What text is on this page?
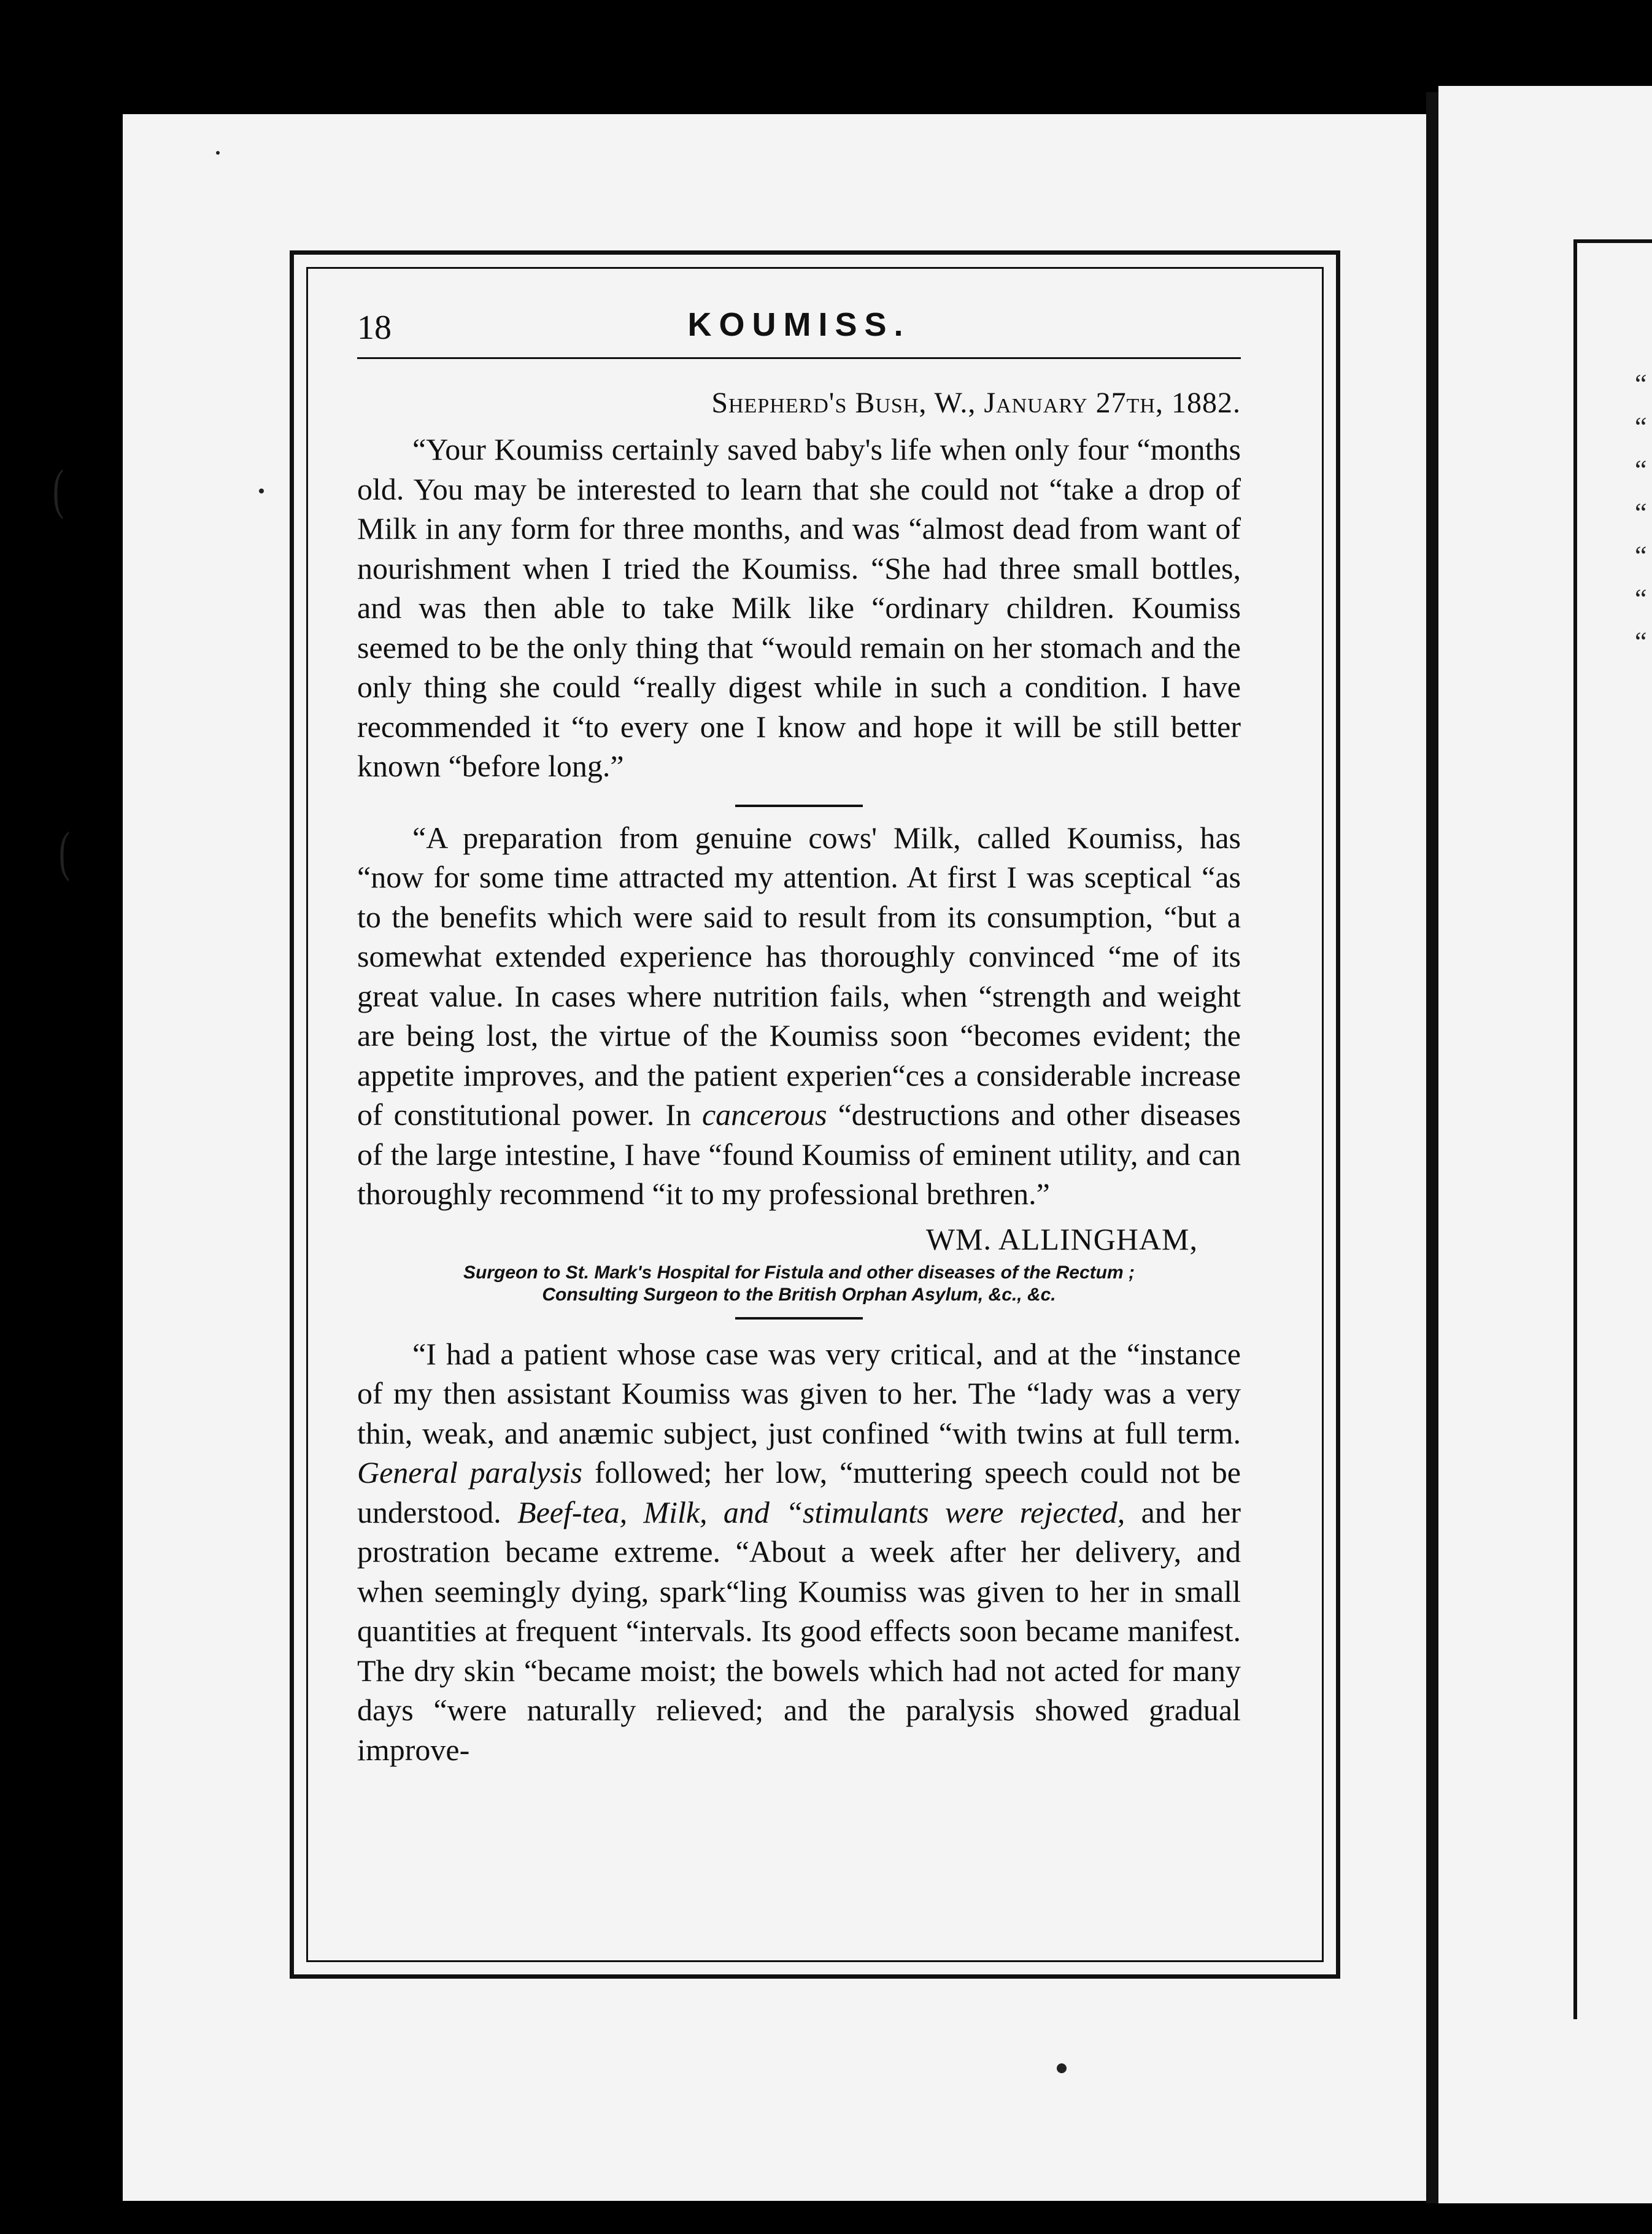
(
(
“
“
“
“
“
“
“
18	KOUMISS.
Shepherd's Bush, W., January 27th, 1882.

“Your Koumiss certainly saved baby's life when only four “months old. You may be interested to learn that she could not “take a drop of Milk in any form for three months, and was “almost dead from want of nourishment when I tried the Koumiss. “She had three small bottles, and was then able to take Milk like “ordinary children. Koumiss seemed to be the only thing that “would remain on her stomach and the only thing she could “really digest while in such a condition. I have recommended it “to every one I know and hope it will be still better known “before long.”

“A preparation from genuine cows' Milk, called Koumiss, has “now for some time attracted my attention. At first I was sceptical “as to the benefits which were said to result from its consumption, “but a somewhat extended experience has thoroughly convinced “me of its great value. In cases where nutrition fails, when “strength and weight are being lost, the virtue of the Koumiss soon “becomes evident; the appetite improves, and the patient experien“ces a considerable increase of constitutional power. In cancerous “destructions and other diseases of the large intestine, I have “found Koumiss of eminent utility, and can thoroughly recommend “it to my professional brethren.”

WM. ALLINGHAM,
Surgeon to St. Mark's Hospital for Fistula and other diseases of the Rectum ;
Consulting Surgeon to the British Orphan Asylum, &c., &c.

“I had a patient whose case was very critical, and at the “instance of my then assistant Koumiss was given to her. The “lady was a very thin, weak, and anæmic subject, just confined “with twins at full term. General paralysis followed; her low, “muttering speech could not be understood. Beef-tea, Milk, and “stimulants were rejected, and her prostration became extreme. “About a week after her delivery, and when seemingly dying, spark“ling Koumiss was given to her in small quantities at frequent “intervals. Its good effects soon became manifest. The dry skin “became moist; the bowels which had not acted for many days “were naturally relieved; and the paralysis showed gradual improve-
